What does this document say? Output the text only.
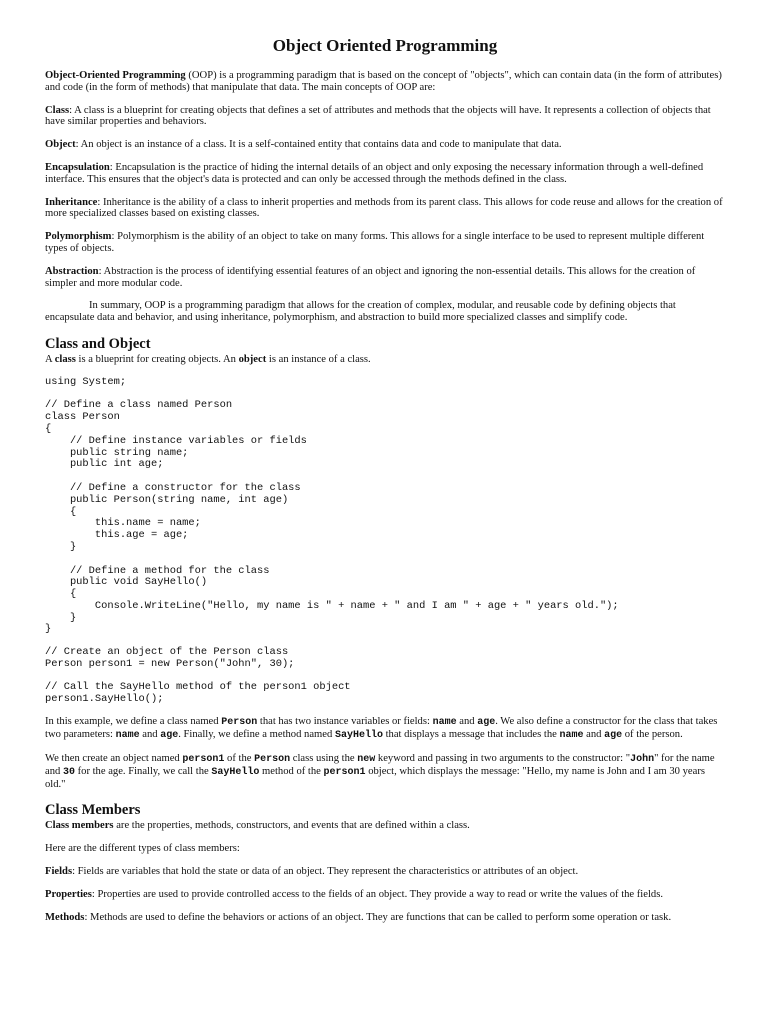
Object Oriented Programming

Object-Oriented Programming (OOP) is a programming paradigm that is based on the concept of "objects", which can contain data (in the form of attributes) and code (in the form of methods) that manipulate that data. The main concepts of OOP are:

Class: A class is a blueprint for creating objects that defines a set of attributes and methods that the objects will have. It represents a collection of objects that have similar properties and behaviors.

Object: An object is an instance of a class. It is a self-contained entity that contains data and code to manipulate that data.

Encapsulation: Encapsulation is the practice of hiding the internal details of an object and only exposing the necessary information through a well-defined interface. This ensures that the object's data is protected and can only be accessed through the methods defined in the class.

Inheritance: Inheritance is the ability of a class to inherit properties and methods from its parent class. This allows for code reuse and allows for the creation of more specialized classes based on existing classes.

Polymorphism: Polymorphism is the ability of an object to take on many forms. This allows for a single interface to be used to represent multiple different types of objects.

Abstraction: Abstraction is the process of identifying essential features of an object and ignoring the non-essential details. This allows for the creation of simpler and more modular code.

In summary, OOP is a programming paradigm that allows for the creation of complex, modular, and reusable code by defining objects that encapsulate data and behavior, and using inheritance, polymorphism, and abstraction to build more specialized classes and simplify code.

Class and Object

A class is a blueprint for creating objects. An object is an instance of a class.

using System;

// Define a class named Person
class Person
{
// Define instance variables or fields
public string name;
public int age;

// Define a constructor for the class
public Person(string name, int age)
{
this.name = name;
this.age = age;
}

// Define a method for the class
public void SayHello()
{
Console.WriteLine("Hello, my name is " + name + " and I am " + age + " years old.");
}
}
// Create an object of the Person class
Person person1 = new Person("John", 30);
// Call the SayHello method of the person1 object
person1.SayHello();

In this example, we define a class named Person that has two instance variables or fields: name and age. We also define a constructor for the class that takes two parameters: name and age. Finally, we define a method named SayHello that displays a message that includes the name and age of the person.

We then create an object named person1 of the Person class using the new keyword and passing in two arguments to the constructor: "John" for the name and 30 for the age. Finally, we call the SayHello method of the person1 object, which displays the message: "Hello, my name is John and I am 30 years old."

Class Members

Class members are the properties, methods, constructors, and events that are defined within a class.

Here are the different types of class members:

Fields: Fields are variables that hold the state or data of an object. They represent the characteristics or attributes of an object.

Properties: Properties are used to provide controlled access to the fields of an object. They provide a way to read or write the values of the fields.

Methods: Methods are used to define the behaviors or actions of an object. They are functions that can be called to perform some operation or task.
